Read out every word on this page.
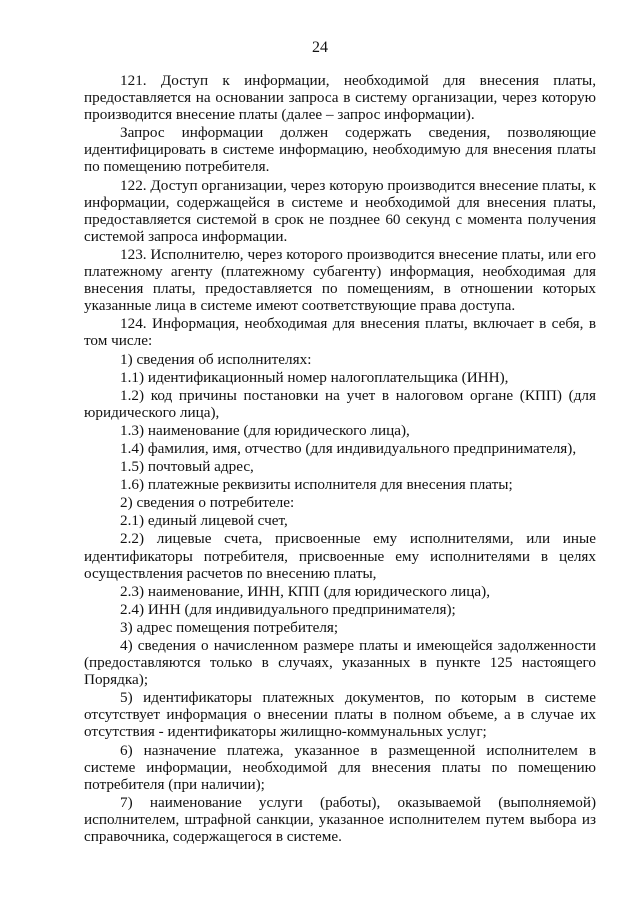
24

121. Доступ к информации, необходимой для внесения платы, предоставляется на основании запроса в систему организации, через которую производится внесение платы (далее – запрос информации).

Запрос информации должен содержать сведения, позволяющие идентифицировать в системе информацию, необходимую для внесения платы по помещению потребителя.

122. Доступ организации, через которую производится внесение платы, к информации, содержащейся в системе и необходимой для внесения платы, предоставляется системой в срок не позднее 60 секунд с момента получения системой запроса информации.

123. Исполнителю, через которого производится внесение платы, или его платежному агенту (платежному субагенту) информация, необходимая для внесения платы, предоставляется по помещениям, в отношении которых указанные лица в системе имеют соответствующие права доступа.

124. Информация, необходимая для внесения платы, включает в себя, в том числе:

1) сведения об исполнителях:

1.1) идентификационный номер налогоплательщика (ИНН),

1.2) код причины постановки на учет в налоговом органе (КПП) (для юридического лица),

1.3) наименование (для юридического лица),

1.4) фамилия, имя, отчество (для индивидуального предпринимателя),

1.5) почтовый адрес,

1.6) платежные реквизиты исполнителя для внесения платы;

2) сведения о потребителе:

2.1) единый лицевой счет,

2.2) лицевые счета, присвоенные ему исполнителями, или иные идентификаторы потребителя, присвоенные ему исполнителями в целях осуществления расчетов по внесению платы,

2.3) наименование, ИНН, КПП (для юридического лица),

2.4) ИНН (для индивидуального предпринимателя);

3) адрес помещения потребителя;

4) сведения о начисленном размере платы и имеющейся задолженности (предоставляются только в случаях, указанных в пункте 125 настоящего Порядка);

5) идентификаторы платежных документов, по которым в системе отсутствует информация о внесении платы в полном объеме, а в случае их отсутствия - идентификаторы жилищно-коммунальных услуг;

6) назначение платежа, указанное в размещенной исполнителем в системе информации, необходимой для внесения платы по помещению потребителя (при наличии);

7) наименование услуги (работы), оказываемой (выполняемой) исполнителем, штрафной санкции, указанное исполнителем путем выбора из справочника, содержащегося в системе.
